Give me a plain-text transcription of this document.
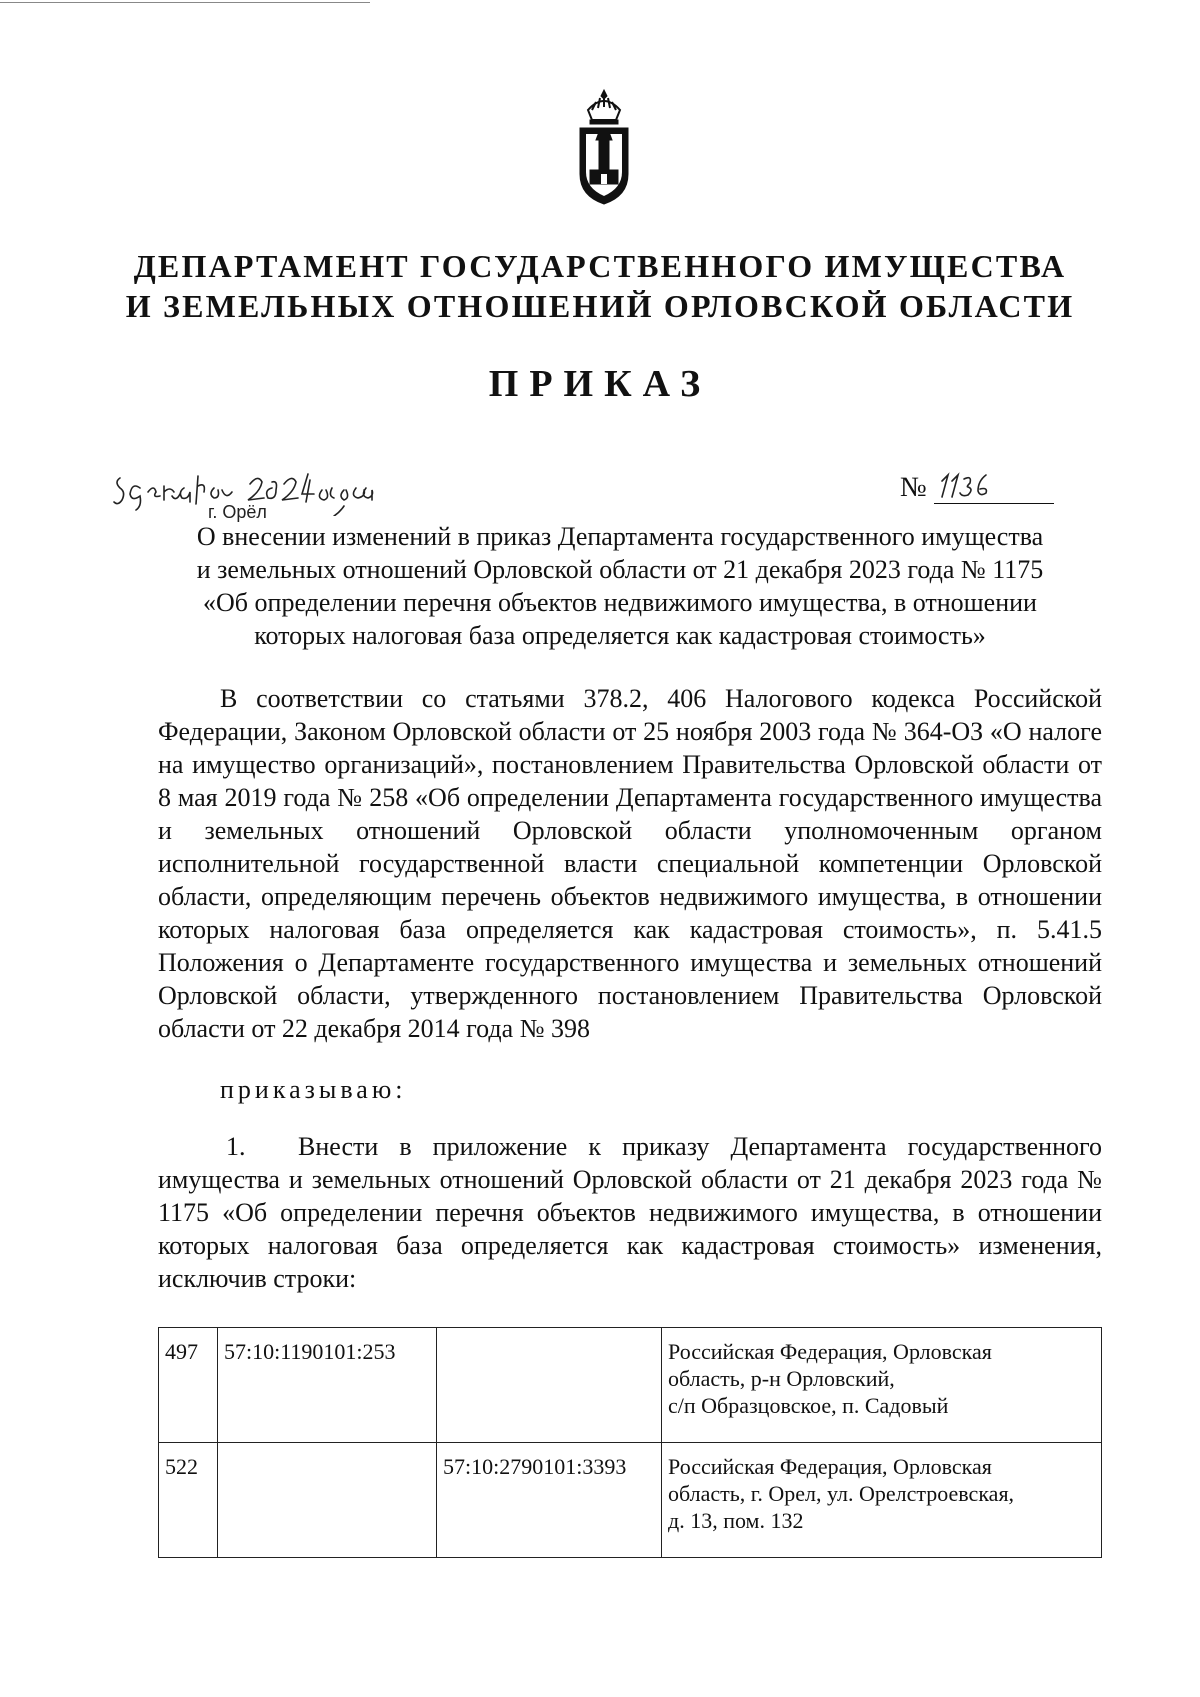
ДЕПАРТАМЕНТ ГОСУДАРСТВЕННОГО ИМУЩЕСТВА
И ЗЕМЕЛЬНЫХ ОТНОШЕНИЙ ОРЛОВСКОЙ ОБЛАСТИ
ПРИКАЗ
г. Орёл
№
О внесении изменений в приказ Департамента государственного имущества
и земельных отношений Орловской области от 21 декабря 2023 года № 1175
«Об определении перечня объектов недвижимого имущества, в отношении
которых налоговая база определяется как кадастровая стоимость»

В соответствии со статьями 378.2, 406 Налогового кодекса Российской Федерации, Законом Орловской области от 25 ноября 2003 года № 364-ОЗ «О налоге на имущество организаций», постановлением Правительства Орловской области от 8 мая 2019 года № 258 «Об определении Департамента государственного имущества и земельных отношений Орловской области уполномоченным органом исполнительной государственной власти специальной компетенции Орловской области, определяющим перечень объектов недвижимого имущества, в отношении которых налоговая база определяется как кадастровая стоимость», п. 5.41.5 Положения о Департаменте государственного имущества и земельных отношений Орловской области, утвержденного постановлением Правительства Орловской области от 22 декабря 2014 года № 398

приказываю:

1. Внести в приложение к приказу Департамента государственного имущества и земельных отношений Орловской области от 21 декабря 2023 года № 1175 «Об определении перечня объектов недвижимого имущества, в отношении которых налоговая база определяется как кадастровая стоимость» изменения, исключив строки:

497	57:10:1190101:253		Российская Федерация, Орловская
область, р-н Орловский,
с/п Образцовское, п. Садовый

522		57:10:2790101:3393	Российская Федерация, Орловская
область, г. Орел, ул. Орелстроевская,
д. 13, пом. 132
